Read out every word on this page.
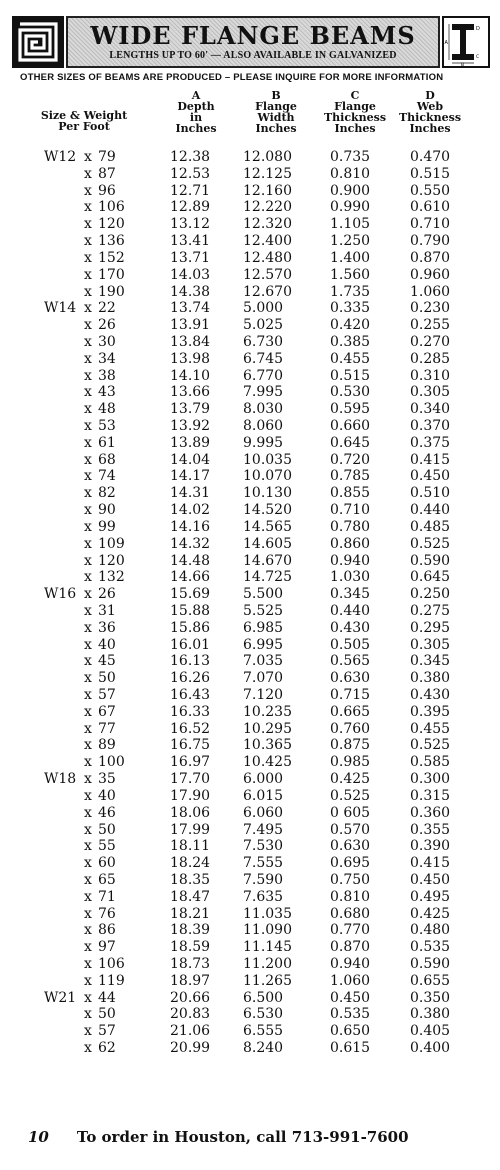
WIDE FLANGE BEAMS
LENGTHS UP TO 60' — ALSO AVAILABLE IN GALVANIZED
A
B
C
D
OTHER SIZES OF BEAMS ARE PRODUCED – PLEASE INQUIRE FOR MORE INFORMATION
Size & Weight
Per Foot
A
Depth
in
Inches
B
Flange
Width
Inches
C
Flange
Thickness
Inches
D
Web
Thickness
Inches
W12 x 79	12.38	12.080	0.735	0.470
x 87	12.53	12.125	0.810	0.515
x 96	12.71	12.160	0.900	0.550
x 106	12.89	12.220	0.990	0.610
x 120	13.12	12.320	1.105	0.710
x 136	13.41	12.400	1.250	0.790
x 152	13.71	12.480	1.400	0.870
x 170	14.03	12.570	1.560	0.960
x 190	14.38	12.670	1.735	1.060
W14 x 22	13.74	5.000	0.335	0.230
x 26	13.91	5.025	0.420	0.255
x 30	13.84	6.730	0.385	0.270
x 34	13.98	6.745	0.455	0.285
x 38	14.10	6.770	0.515	0.310
x 43	13.66	7.995	0.530	0.305
x 48	13.79	8.030	0.595	0.340
x 53	13.92	8.060	0.660	0.370
x 61	13.89	9.995	0.645	0.375
x 68	14.04	10.035	0.720	0.415
x 74	14.17	10.070	0.785	0.450
x 82	14.31	10.130	0.855	0.510
x 90	14.02	14.520	0.710	0.440
x 99	14.16	14.565	0.780	0.485
x 109	14.32	14.605	0.860	0.525
x 120	14.48	14.670	0.940	0.590
x 132	14.66	14.725	1.030	0.645
W16 x 26	15.69	5.500	0.345	0.250
x 31	15.88	5.525	0.440	0.275
x 36	15.86	6.985	0.430	0.295
x 40	16.01	6.995	0.505	0.305
x 45	16.13	7.035	0.565	0.345
x 50	16.26	7.070	0.630	0.380
x 57	16.43	7.120	0.715	0.430
x 67	16.33	10.235	0.665	0.395
x 77	16.52	10.295	0.760	0.455
x 89	16.75	10.365	0.875	0.525
x 100	16.97	10.425	0.985	0.585
W18 x 35	17.70	6.000	0.425	0.300
x 40	17.90	6.015	0.525	0.315
x 46	18.06	6.060	0 605	0.360
x 50	17.99	7.495	0.570	0.355
x 55	18.11	7.530	0.630	0.390
x 60	18.24	7.555	0.695	0.415
x 65	18.35	7.590	0.750	0.450
x 71	18.47	7.635	0.810	0.495
x 76	18.21	11.035	0.680	0.425
x 86	18.39	11.090	0.770	0.480
x 97	18.59	11.145	0.870	0.535
x 106	18.73	11.200	0.940	0.590
x 119	18.97	11.265	1.060	0.655
W21 x 44	20.66	6.500	0.450	0.350
x 50	20.83	6.530	0.535	0.380
x 57	21.06	6.555	0.650	0.405
x 62	20.99	8.240	0.615	0.400
10 To order in Houston, call 713-991-7600
